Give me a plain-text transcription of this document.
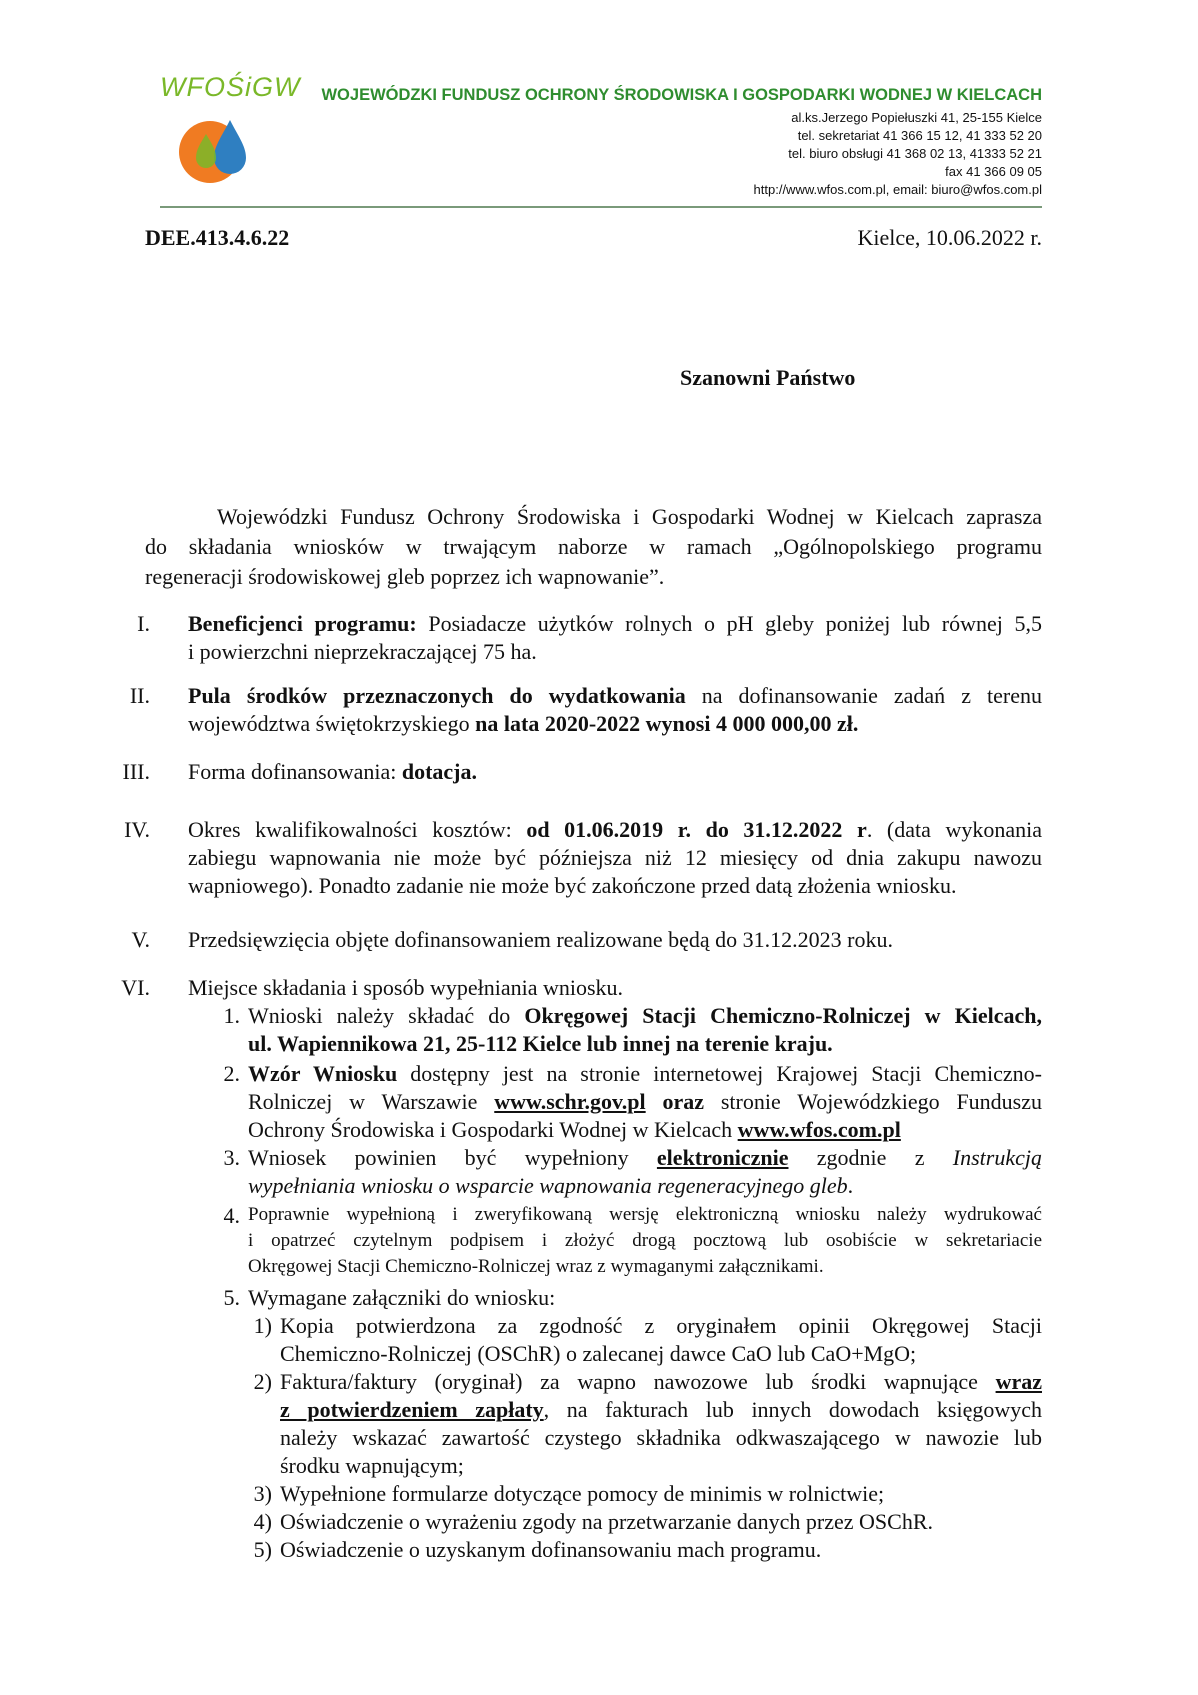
WFOŚiGW WOJEWÓDZKI FUNDUSZ OCHRONY ŚRODOWISKA I GOSPODARKI WODNEJ W KIELCACH
al.ks.Jerzego Popiełuszki 41, 25-155 Kielce
tel. sekretariat 41 366 15 12, 41 333 52 20
tel. biuro obsługi 41 368 02 13, 41333 52 21
fax 41 366 09 05
http://www.wfos.com.pl, email: biuro@wfos.com.pl
DEE.413.4.6.22	Kielce, 10.06.2022 r.
Szanowni Państwo
Wojewódzki Fundusz Ochrony Środowiska i Gospodarki Wodnej w Kielcach zaprasza
do składania wniosków w trwającym naborze w ramach „Ogólnopolskiego programu
regeneracji środowiskowej gleb poprzez ich wapnowanie”.
I. Beneficjenci programu: Posiadacze użytków rolnych o pH gleby poniżej lub równej 5,5
i powierzchni nieprzekraczającej 75 ha.
II. Pula środków przeznaczonych do wydatkowania na dofinansowanie zadań z terenu
województwa świętokrzyskiego na lata 2020-2022 wynosi 4 000 000,00 zł.
III. Forma dofinansowania: dotacja.
IV. Okres kwalifikowalności kosztów: od 01.06.2019 r. do 31.12.2022 r. (data wykonania
zabiegu wapnowania nie może być późniejsza niż 12 miesięcy od dnia zakupu nawozu
wapniowego). Ponadto zadanie nie może być zakończone przed datą złożenia wniosku.
V. Przedsięwzięcia objęte dofinansowaniem realizowane będą do 31.12.2023 roku.
VI. Miejsce składania i sposób wypełniania wniosku.
1. Wnioski należy składać do Okręgowej Stacji Chemiczno-Rolniczej w Kielcach,
ul. Wapiennikowa 21, 25-112 Kielce lub innej na terenie kraju.
2. Wzór Wniosku dostępny jest na stronie internetowej Krajowej Stacji Chemiczno-
Rolniczej w Warszawie www.schr.gov.pl oraz stronie Wojewódzkiego Funduszu
Ochrony Środowiska i Gospodarki Wodnej w Kielcach www.wfos.com.pl
3. Wniosek powinien być wypełniony elektronicznie zgodnie z Instrukcją
wypełniania wniosku o wsparcie wapnowania regeneracyjnego gleb.
4. Poprawnie wypełnioną i zweryfikowaną wersję elektroniczną wniosku należy wydrukować
i opatrzeć czytelnym podpisem i złożyć drogą pocztową lub osobiście w sekretariacie
Okręgowej Stacji Chemiczno-Rolniczej wraz z wymaganymi załącznikami.
5. Wymagane załączniki do wniosku:
1) Kopia potwierdzona za zgodność z oryginałem opinii Okręgowej Stacji
Chemiczno-Rolniczej (OSChR) o zalecanej dawce CaO lub CaO+MgO;
2) Faktura/faktury (oryginał) za wapno nawozowe lub środki wapnujące wraz
z potwierdzeniem zapłaty, na fakturach lub innych dowodach księgowych
należy wskazać zawartość czystego składnika odkwaszającego w nawozie lub
środku wapnującym;
3) Wypełnione formularze dotyczące pomocy de minimis w rolnictwie;
4) Oświadczenie o wyrażeniu zgody na przetwarzanie danych przez OSChR.
5) Oświadczenie o uzyskanym dofinansowaniu mach programu.
